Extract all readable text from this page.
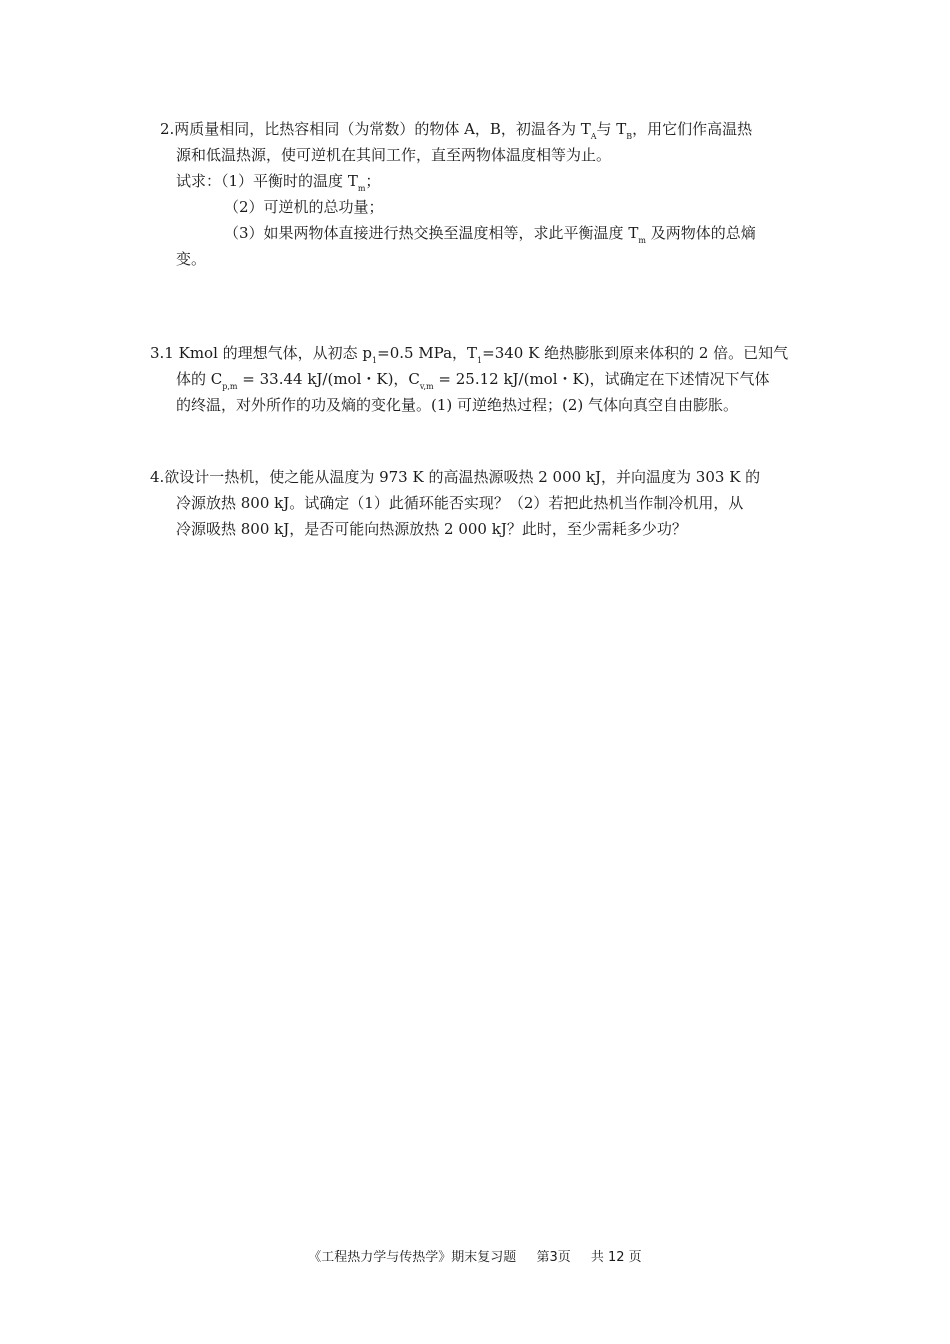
2.两质量相同，比热容相同（为常数）的物体 A，B，初温各为 $T_A$与 $T_B$，用它们作高温热
源和低温热源，使可逆机在其间工作，直至两物体温度相等为止。
试求：（1）平衡时的温度 $T_m$；
（2）可逆机的总功量；
（3）如果两物体直接进行热交换至温度相等，求此平衡温度 $T_m$ 及两物体的总熵
变。
3.1 Kmol 的理想气体，从初态 $p_1=0.5$ MPa，$T_1=340$ K 绝热膨胀到原来体积的 2 倍。已知气
体的 $C_{p,m} = 33.44$ kJ/(mol・K)，$C_{v,m} = 25.12$ kJ/(mol・K)，试确定在下述情况下气体
的终温，对外所作的功及熵的变化量。(1) 可逆绝热过程；(2) 气体向真空自由膨胀。
4.欲设计一热机，使之能从温度为 973 K 的高温热源吸热 2 000 kJ，并向温度为 303 K 的
冷源放热 800 kJ。试确定（1）此循环能否实现？（2）若把此热机当作制冷机用，从
冷源吸热 800 kJ，是否可能向热源放热 2 000 kJ？此时，至少需耗多少功？
《工程热力学与传热学》期末复习题 第3页 共 12 页
